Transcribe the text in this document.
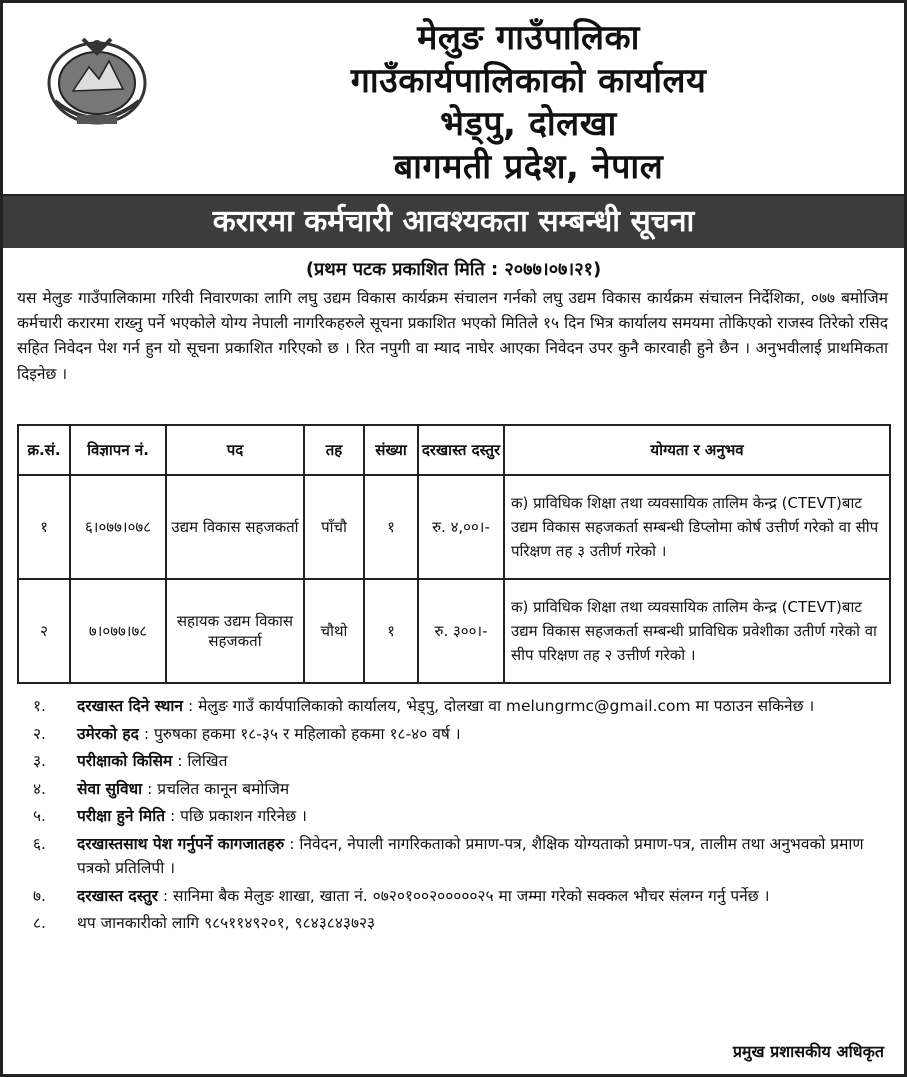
मेलुङ गाउँपालिका
गाउँकार्यपालिकाको कार्यालय
भेड्पु, दोलखा
बागमती प्रदेश, नेपाल
करारमा कर्मचारी आवश्यकता सम्बन्धी सूचना
(प्रथम पटक प्रकाशित मिति : २०७७।०७।२१)

यस मेलुङ गाउँपालिकामा गरिवी निवारणका लागि लघु उद्यम विकास कार्यक्रम संचालन गर्नको लघु उद्यम विकास कार्यक्रम संचालन निर्देशिका, ०७७ बमोजिम कर्मचारी करारमा राख्नु पर्ने भएकोले योग्य नेपाली नागरिकहरुले सूचना प्रकाशित भएको मितिले १५ दिन भित्र कार्यालय समयमा तोकिएको राजस्व तिरेको रसिद सहित निवेदन पेश गर्न हुन यो सूचना प्रकाशित गरिएको छ । रित नपुगी वा म्याद नाघेर आएका निवेदन उपर कुनै कारवाही हुने छैन । अनुभवीलाई प्राथमिकता दिइनेछ ।

क्र.सं.	विज्ञापन नं.	पद	तह	संख्या	दरखास्त दस्तुर	योग्यता र अनुभव
१	६।०७७।०७८	उद्यम विकास सहजकर्ता	पाँचौ	१	रु. ४,००।-	क) प्राविधिक शिक्षा तथा व्यवसायिक तालिम केन्द्र (CTEVT)बाट उद्यम विकास सहजकर्ता सम्बन्धी डिप्लोमा कोर्ष उत्तीर्ण गरेको वा सीप परिक्षण तह ३ उतीर्ण गरेको ।
२	७।०७७।७८	सहायक उद्यम विकास सहजकर्ता	चौथो	१	रु. ३००।-	क) प्राविधिक शिक्षा तथा व्यवसायिक तालिम केन्द्र (CTEVT)बाट उद्यम विकास सहजकर्ता सम्बन्धी प्राविधिक प्रवेशीका उतीर्ण गरेको वा सीप परिक्षण तह २ उत्तीर्ण गरेको ।
१.	दरखास्त दिने स्थान : मेलुङ गाउँ कार्यपालिकाको कार्यालय, भेड्पु, दोलखा वा melungrmc@gmail.com मा पठाउन सकिनेछ ।
२.	उमेरको हद : पुरुषका हकमा १८-३५ र महिलाको हकमा १८-४० वर्ष ।
३.	परीक्षाको किसिम : लिखित
४.	सेवा सुविधा : प्रचलित कानून बमोजिम
५.	परीक्षा हुने मिति : पछि प्रकाशन गरिनेछ ।
६.	दरखास्तसाथ पेश गर्नुपर्ने कागजातहरु : निवेदन, नेपाली नागरिकताको प्रमाण-पत्र, शैक्षिक योग्यताको प्रमाण-पत्र, तालीम तथा अनुभवको प्रमाण पत्रको प्रतिलिपी ।
७.	दरखास्त दस्तुर : सानिमा बैक मेलुङ शाखा, खाता नं. ०७२०१००२०००००२५ मा जम्मा गरेको सक्कल भौचर संलग्न गर्नु पर्नेछ ।
८.	थप जानकारीको लागि ९८५११४९२०१, ९८४३८४३७२३
प्रमुख प्रशासकीय अधिकृत
